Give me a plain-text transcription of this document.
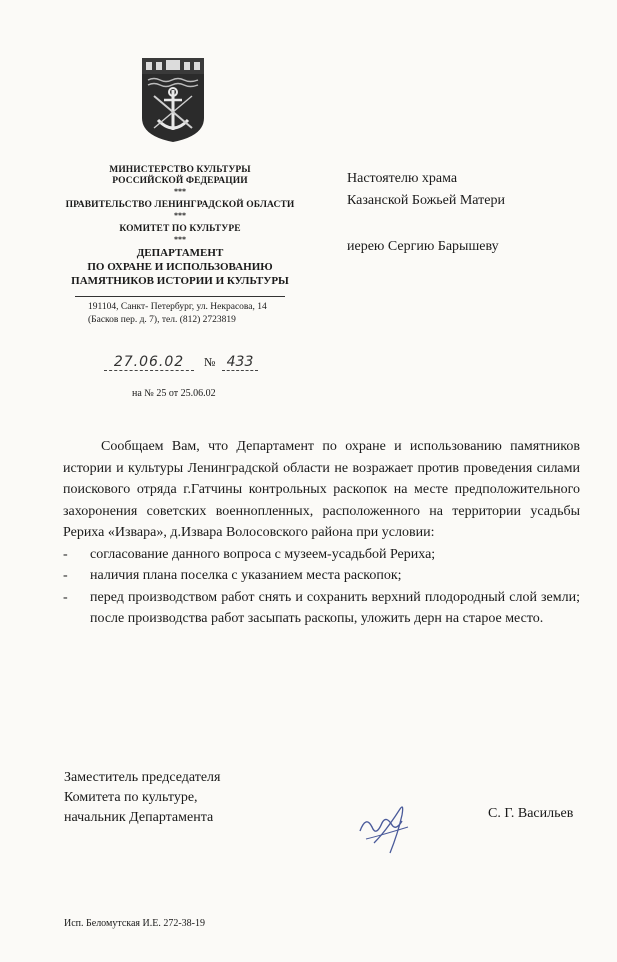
МИНИСТЕРСТВО КУЛЬТУРЫ
РОССИЙСКОЙ ФЕДЕРАЦИИ
***
ПРАВИТЕЛЬСТВО ЛЕНИНГРАДСКОЙ ОБЛАСТИ
***
КОМИТЕТ ПО КУЛЬТУРЕ
***
ДЕПАРТАМЕНТ
ПО ОХРАНЕ И ИСПОЛЬЗОВАНИЮ
ПАМЯТНИКОВ ИСТОРИИ И КУЛЬТУРЫ
191104, Санкт- Петербург, ул. Некрасова, 14
(Басков пер. д. 7), тел. (812) 2723819
27.06.02	№ 433
на № 25 от 25.06.02
Настоятелю храма
Казанской Божьей Матери
иерею Сергию Барышеву

Сообщаем Вам, что Департамент по охране и использованию памятников истории и культуры Ленинградской области не возражает против проведения силами поискового отряда г.Гатчины контрольных раскопок на месте предположительного захоронения советских военнопленных, расположенного на территории усадьбы Рериха «Извара», д.Извара Волосовского района при условии:

- согласование данного вопроса с музеем-усадьбой Рериха;
- наличия плана поселка с указанием места раскопок;
- перед производством работ снять и сохранить верхний плодородный слой земли; после производства работ засыпать раскопы, уложить дерн на старое место.
Заместитель председателя
Комитета по культуре,
начальник Департамента	С. Г. Васильев
Исп. Беломутская И.Е. 272-38-19
